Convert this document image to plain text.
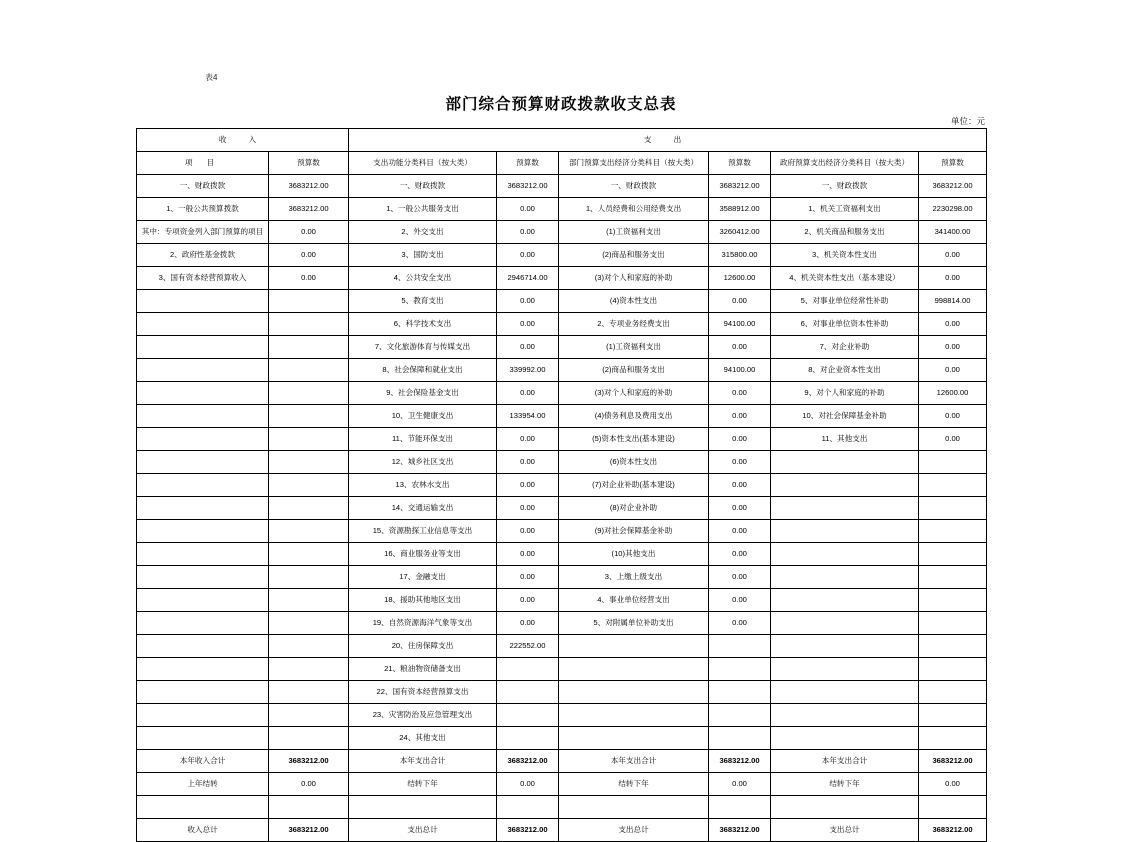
表4
部门综合预算财政拨款收支总表
单位：元
收 入		支 出					
项 目	预算数	支出功能分类科目（按大类）	预算数	部门预算支出经济分类科目（按大类）	预算数	政府预算支出经济分类科目（按大类）	预算数
一、财政拨款	3683212.00	一、财政拨款	3683212.00	一、财政拨款	3683212.00	一、财政拨款	3683212.00
1、一般公共预算拨款	3683212.00	1、一般公共服务支出	0.00	1、人员经费和公用经费支出	3588912.00	1、机关工资福利支出	2230298.00
其中：专项资金列入部门预算的项目	0.00	2、外交支出	0.00	(1)工资福利支出	3260412.00	2、机关商品和服务支出	341400.00
2、政府性基金拨款	0.00	3、国防支出	0.00	(2)商品和服务支出	315800.00	3、机关资本性支出	0.00
3、国有资本经营预算收入	0.00	4、公共安全支出	2946714.00	(3)对个人和家庭的补助	12600.00	4、机关资本性支出（基本建设）	0.00
		5、教育支出	0.00	(4)资本性支出	0.00	5、对事业单位经常性补助	998814.00
		6、科学技术支出	0.00	2、专项业务经费支出	94100.00	6、对事业单位资本性补助	0.00
		7、文化旅游体育与传媒支出	0.00	(1)工资福利支出	0.00	7、对企业补助	0.00
		8、社会保障和就业支出	339992.00	(2)商品和服务支出	94100.00	8、对企业资本性支出	0.00
		9、社会保险基金支出	0.00	(3)对个人和家庭的补助	0.00	9、对个人和家庭的补助	12600.00
		10、卫生健康支出	133954.00	(4)债务利息及费用支出	0.00	10、对社会保障基金补助	0.00
		11、节能环保支出	0.00	(5)资本性支出(基本建设)	0.00	11、其他支出	0.00
		12、城乡社区支出	0.00	(6)资本性支出	0.00		
		13、农林水支出	0.00	(7)对企业补助(基本建设)	0.00		
		14、交通运输支出	0.00	(8)对企业补助	0.00		
		15、资源勘探工业信息等支出	0.00	(9)对社会保障基金补助	0.00		
		16、商业服务业等支出	0.00	(10)其他支出	0.00		
		17、金融支出	0.00	3、上缴上级支出	0.00		
		18、援助其他地区支出	0.00	4、事业单位经营支出	0.00		
		19、自然资源海洋气象等支出	0.00	5、对附属单位补助支出	0.00		
		20、住房保障支出	222552.00				
		21、粮油物资储备支出					
		22、国有资本经营预算支出					
		23、灾害防治及应急管理支出					
		24、其他支出					
本年收入合计	3683212.00	本年支出合计	3683212.00	本年支出合计	3683212.00	本年支出合计	3683212.00
上年结转	0.00	结转下年	0.00	结转下年	0.00	结转下年	0.00

收入总计	3683212.00	支出总计	3683212.00	支出总计	3683212.00	支出总计	3683212.00
